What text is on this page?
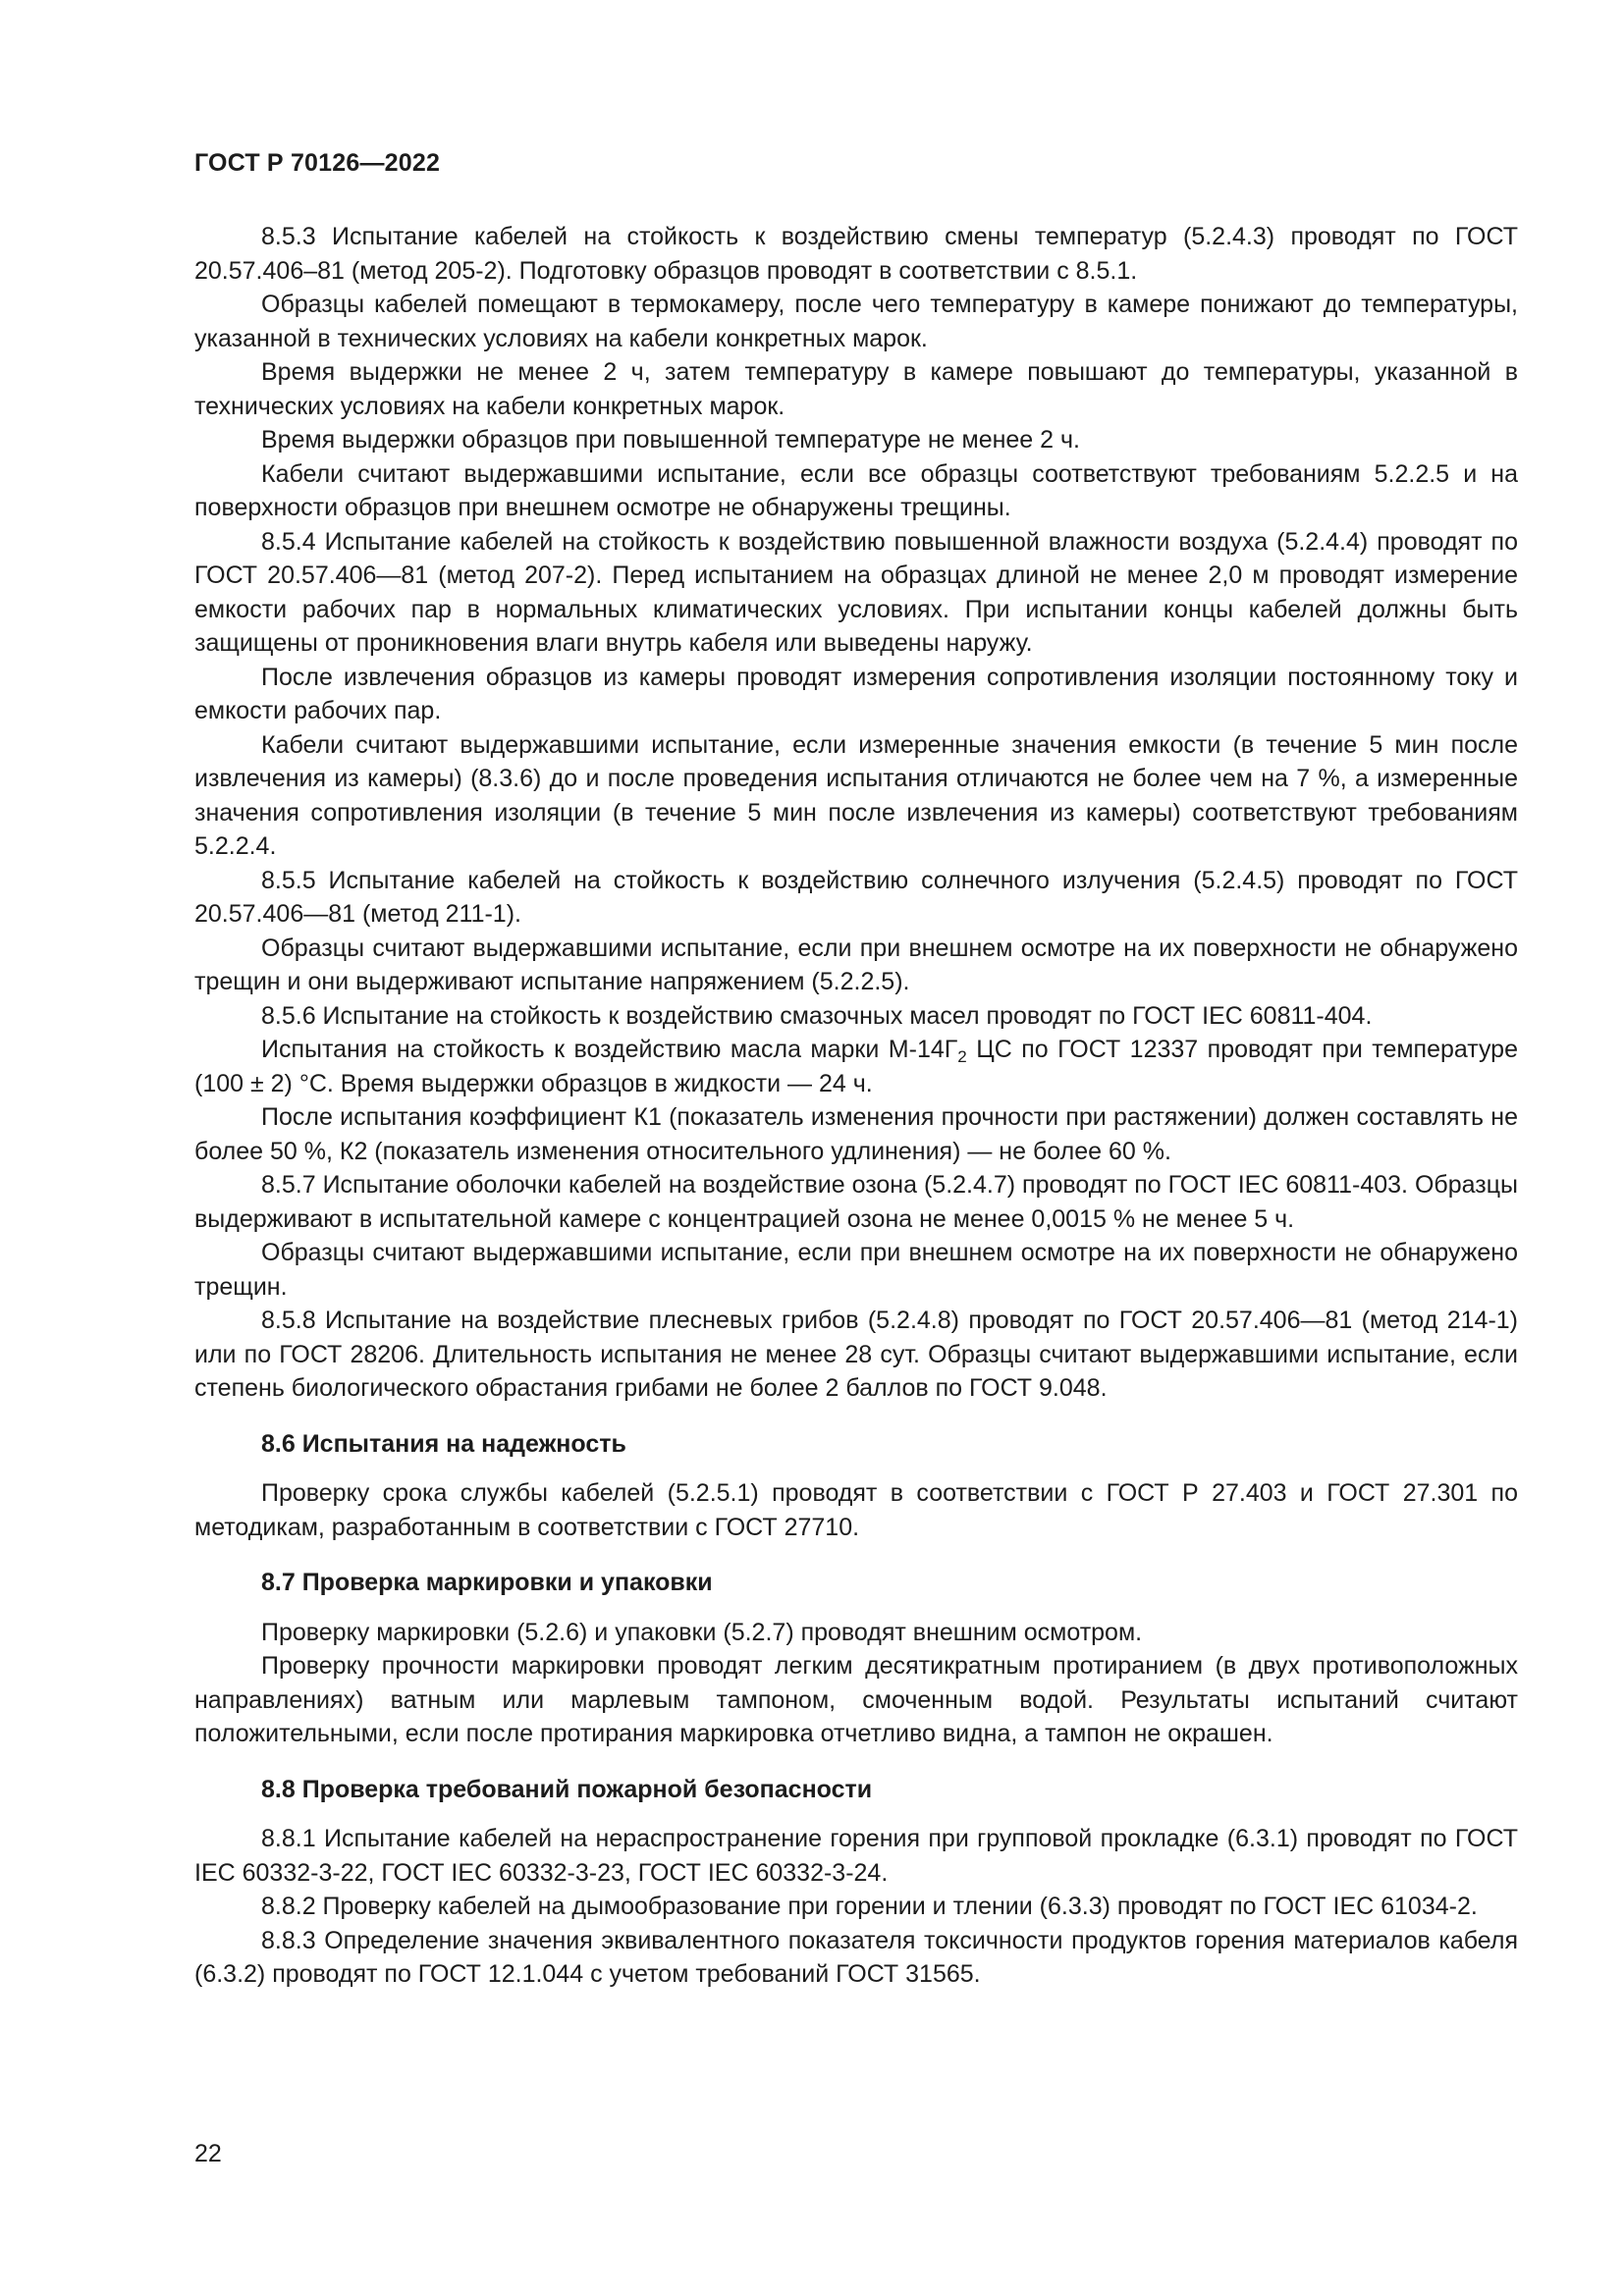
ГОСТ Р 70126—2022

8.5.3 Испытание кабелей на стойкость к воздействию смены температур (5.2.4.3) проводят по ГОСТ 20.57.406–81 (метод 205-2). Подготовку образцов проводят в соответствии с 8.5.1.

Образцы кабелей помещают в термокамеру, после чего температуру в камере понижают до температуры, указанной в технических условиях на кабели конкретных марок.

Время выдержки не менее 2 ч, затем температуру в камере повышают до температуры, указанной в технических условиях на кабели конкретных марок.

Время выдержки образцов при повышенной температуре не менее 2 ч.

Кабели считают выдержавшими испытание, если все образцы соответствуют требованиям 5.2.2.5 и на поверхности образцов при внешнем осмотре не обнаружены трещины.

8.5.4 Испытание кабелей на стойкость к воздействию повышенной влажности воздуха (5.2.4.4) проводят по ГОСТ 20.57.406—81 (метод 207-2). Перед испытанием на образцах длиной не менее 2,0 м проводят измерение емкости рабочих пар в нормальных климатических условиях. При испытании концы кабелей должны быть защищены от проникновения влаги внутрь кабеля или выведены наружу.

После извлечения образцов из камеры проводят измерения сопротивления изоляции постоянному току и емкости рабочих пар.

Кабели считают выдержавшими испытание, если измеренные значения емкости (в течение 5 мин после извлечения из камеры) (8.3.6) до и после проведения испытания отличаются не более чем на 7 %, а измеренные значения сопротивления изоляции (в течение 5 мин после извлечения из камеры) соответствуют требованиям 5.2.2.4.

8.5.5 Испытание кабелей на стойкость к воздействию солнечного излучения (5.2.4.5) проводят по ГОСТ 20.57.406—81 (метод 211-1).

Образцы считают выдержавшими испытание, если при внешнем осмотре на их поверхности не обнаружено трещин и они выдерживают испытание напряжением (5.2.2.5).

8.5.6 Испытание на стойкость к воздействию смазочных масел проводят по ГОСТ IEC 60811-404.

Испытания на стойкость к воздействию масла марки $М-14Г_2$ ЦС по ГОСТ 12337 проводят при температуре (100 ± 2) °С. Время выдержки образцов в жидкости — 24 ч.

После испытания коэффициент К1 (показатель изменения прочности при растяжении) должен составлять не более 50 %, К2 (показатель изменения относительного удлинения) — не более 60 %.

8.5.7 Испытание оболочки кабелей на воздействие озона (5.2.4.7) проводят по ГОСТ IEC 60811-403. Образцы выдерживают в испытательной камере с концентрацией озона не менее 0,0015 % не менее 5 ч.

Образцы считают выдержавшими испытание, если при внешнем осмотре на их поверхности не обнаружено трещин.

8.5.8 Испытание на воздействие плесневых грибов (5.2.4.8) проводят по ГОСТ 20.57.406—81 (метод 214-1) или по ГОСТ 28206. Длительность испытания не менее 28 сут. Образцы считают выдержавшими испытание, если степень биологического обрастания грибами не более 2 баллов по ГОСТ 9.048.

8.6 Испытания на надежность

Проверку срока службы кабелей (5.2.5.1) проводят в соответствии с ГОСТ Р 27.403 и ГОСТ 27.301 по методикам, разработанным в соответствии с ГОСТ 27710.

8.7 Проверка маркировки и упаковки

Проверку маркировки (5.2.6) и упаковки (5.2.7) проводят внешним осмотром.

Проверку прочности маркировки проводят легким десятикратным протиранием (в двух противоположных направлениях) ватным или марлевым тампоном, смоченным водой. Результаты испытаний считают положительными, если после протирания маркировка отчетливо видна, а тампон не окрашен.

8.8 Проверка требований пожарной безопасности

8.8.1 Испытание кабелей на нераспространение горения при групповой прокладке (6.3.1) проводят по ГОСТ IEC 60332-3-22, ГОСТ IEC 60332-3-23, ГОСТ IEC 60332-3-24.

8.8.2 Проверку кабелей на дымообразование при горении и тлении (6.3.3) проводят по ГОСТ IEC 61034-2.

8.8.3 Определение значения эквивалентного показателя токсичности продуктов горения материалов кабеля (6.3.2) проводят по ГОСТ 12.1.044 с учетом требований ГОСТ 31565.

22
